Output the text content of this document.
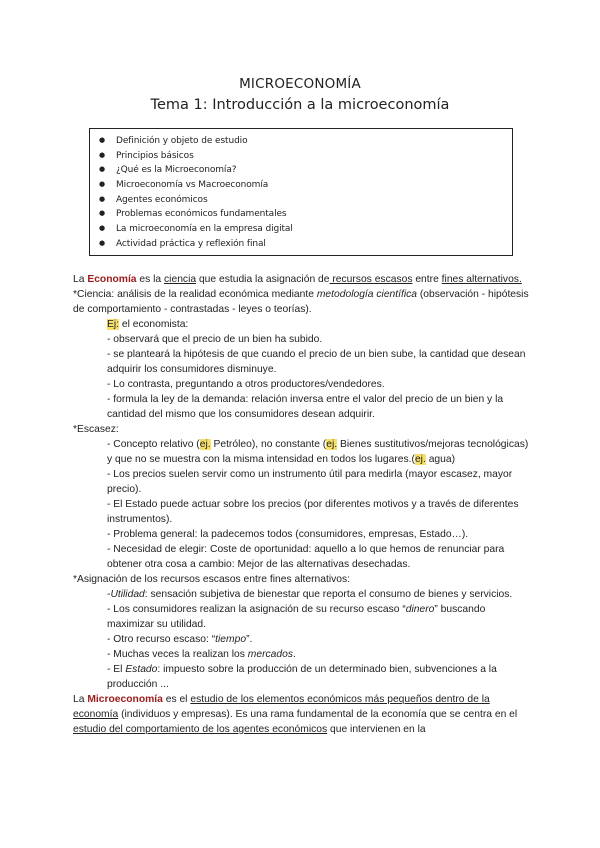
MICROECONOMÍA
Tema 1: Introducción a la microeconomía
● Definición y objeto de estudio
● Principios básicos
● ¿Qué es la Microeconomía?
● Microeconomía vs Macroeconomía
● Agentes económicos
● Problemas económicos fundamentales
● La microeconomía en la empresa digital
● Actividad práctica y reflexión final

La Economía es la ciencia que estudia la asignación de recursos escasos entre fines alternativos.

*Ciencia: análisis de la realidad económica mediante metodología científica (observación - hipótesis de comportamiento - contrastadas - leyes o teorías).

Ej: el economista:

- observará que el precio de un bien ha subido.

- se planteará la hipótesis de que cuando el precio de un bien sube, la cantidad que desean adquirir los consumidores disminuye.

- Lo contrasta, preguntando a otros productores/vendedores.

- formula la ley de la demanda: relación inversa entre el valor del precio de un bien y la cantidad del mismo que los consumidores desean adquirir.

*Escasez:

- Concepto relativo (ej. Petróleo), no constante (ej. Bienes sustitutivos/mejoras tecnológicas) y que no se muestra con la misma intensidad en todos los lugares.(ej. agua)

- Los precios suelen servir como un instrumento útil para medirla (mayor escasez, mayor precio).

- El Estado puede actuar sobre los precios (por diferentes motivos y a través de diferentes instrumentos).

- Problema general: la padecemos todos (consumidores, empresas, Estado…).

- Necesidad de elegir: Coste de oportunidad: aquello a lo que hemos de renunciar para obtener otra cosa a cambio: Mejor de las alternativas desechadas.

*Asignación de los recursos escasos entre fines alternativos:

-Utilidad: sensación subjetiva de bienestar que reporta el consumo de bienes y servicios.

- Los consumidores realizan la asignación de su recurso escaso “dinero” buscando maximizar su utilidad.

- Otro recurso escaso: “tiempo”.

- Muchas veces la realizan los mercados.

- El Estado: impuesto sobre la producción de un determinado bien, subvenciones a la producción ...

La Microeconomía es el estudio de los elementos económicos más pequeños dentro de la economía (individuos y empresas). Es una rama fundamental de la economía que se centra en el estudio del comportamiento de los agentes económicos que intervienen en la
